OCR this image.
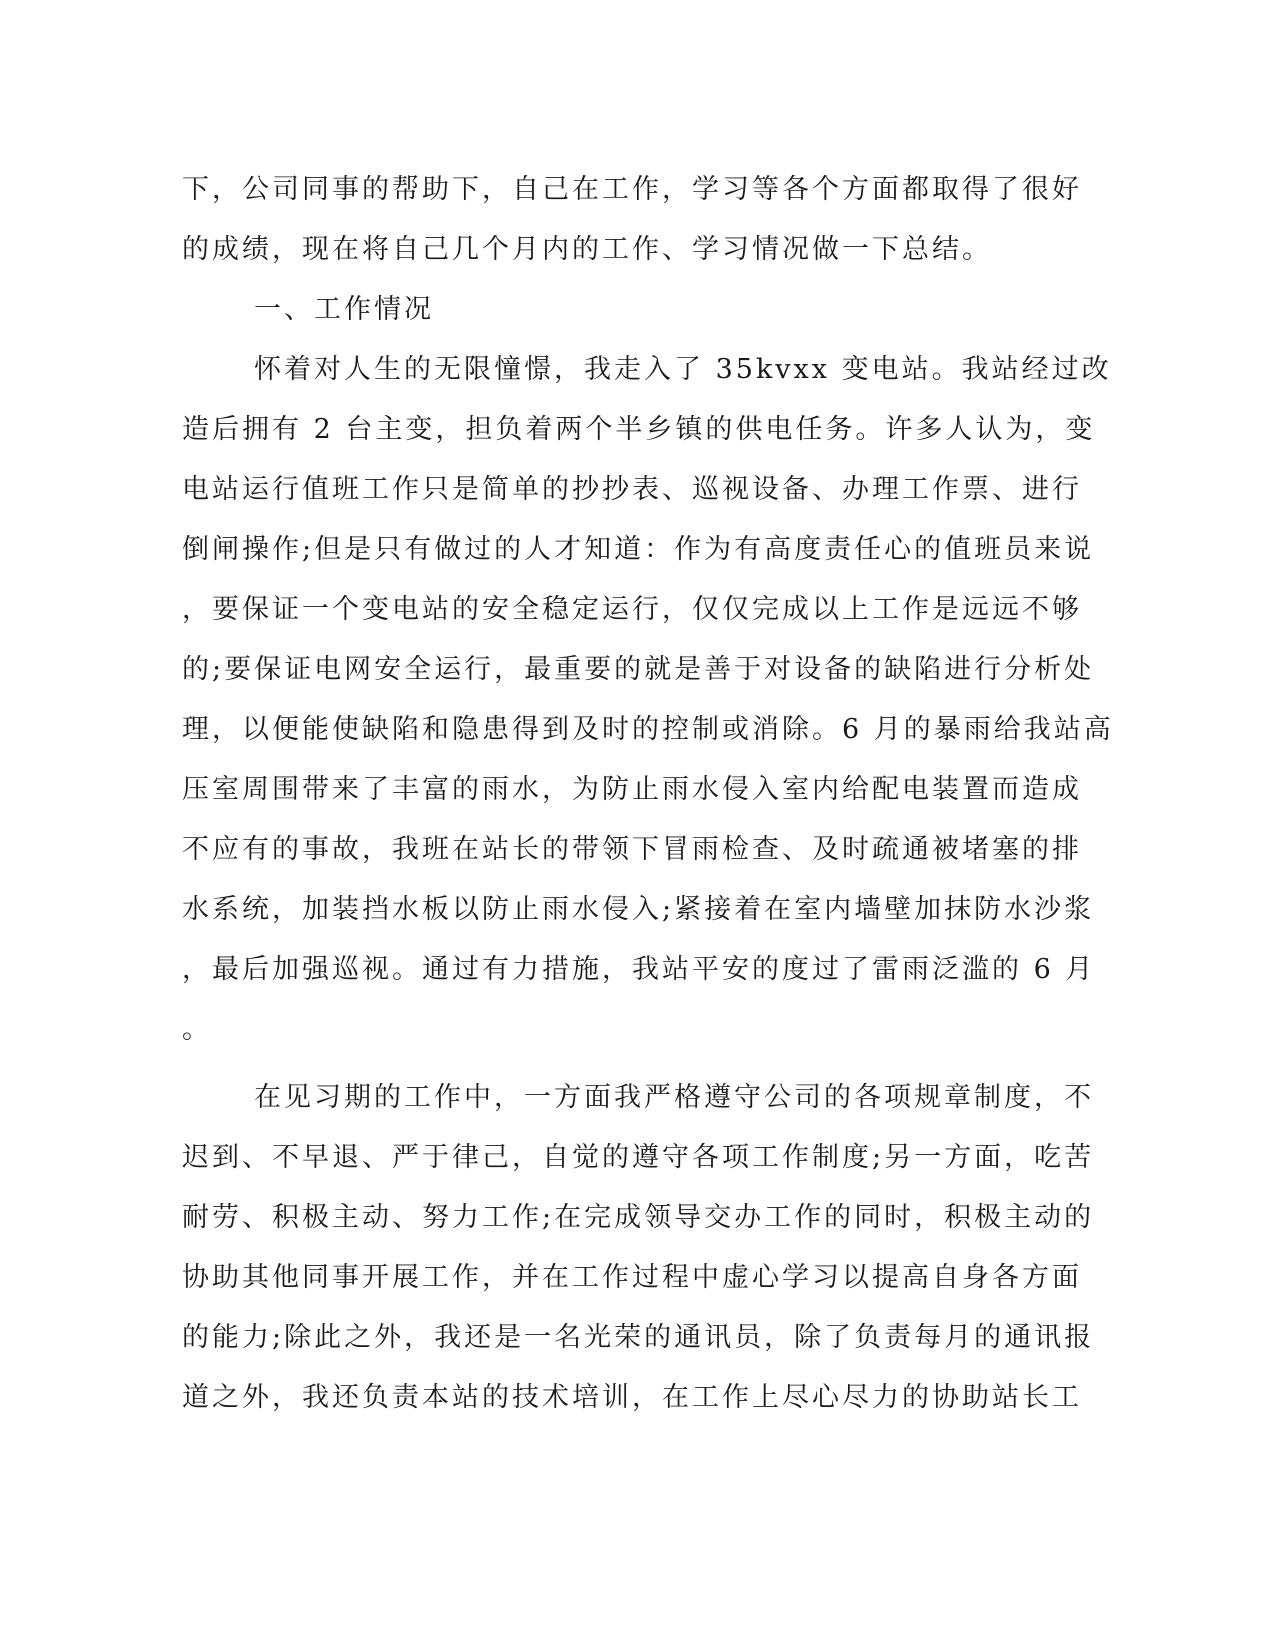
下，公司同事的帮助下，自己在工作，学习等各个方面都取得了很好
的成绩，现在将自己几个月内的工作、学习情况做一下总结。
一、工作情况
怀着对人生的无限憧憬，我走入了 35kvxx 变电站。我站经过改
造后拥有 2 台主变，担负着两个半乡镇的供电任务。许多人认为，变
电站运行值班工作只是简单的抄抄表、巡视设备、办理工作票、进行
倒闸操作;但是只有做过的人才知道：作为有高度责任心的值班员来说
，要保证一个变电站的安全稳定运行，仅仅完成以上工作是远远不够
的;要保证电网安全运行，最重要的就是善于对设备的缺陷进行分析处
理，以便能使缺陷和隐患得到及时的控制或消除。6 月的暴雨给我站高
压室周围带来了丰富的雨水，为防止雨水侵入室内给配电装置而造成
不应有的事故，我班在站长的带领下冒雨检查、及时疏通被堵塞的排
水系统，加装挡水板以防止雨水侵入;紧接着在室内墙壁加抹防水沙浆
，最后加强巡视。通过有力措施，我站平安的度过了雷雨泛滥的 6 月
。
在见习期的工作中，一方面我严格遵守公司的各项规章制度，不
迟到、不早退、严于律己，自觉的遵守各项工作制度;另一方面，吃苦
耐劳、积极主动、努力工作;在完成领导交办工作的同时，积极主动的
协助其他同事开展工作，并在工作过程中虚心学习以提高自身各方面
的能力;除此之外，我还是一名光荣的通讯员，除了负责每月的通讯报
道之外，我还负责本站的技术培训，在工作上尽心尽力的协助站长工
